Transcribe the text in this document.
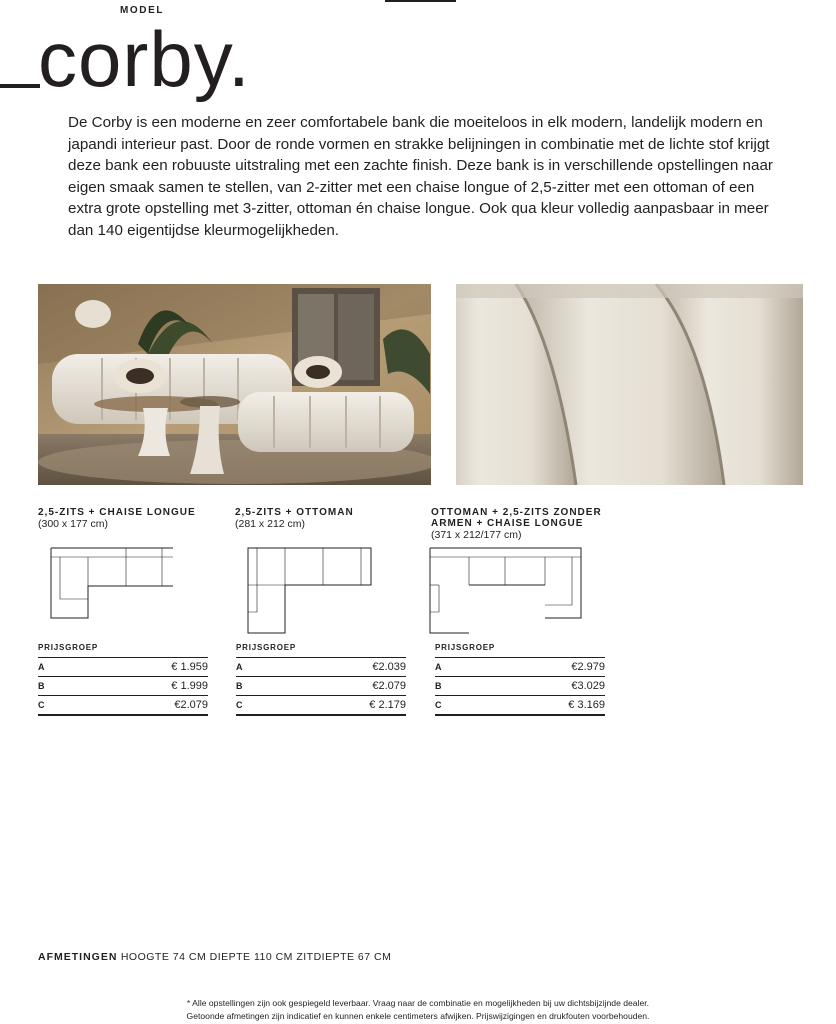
MODEL
corby.

De Corby is een moderne en zeer comfortabele bank die moeiteloos in elk modern, landelijk modern en japandi interieur past. Door de ronde vormen en strakke belijningen in combinatie met de lichte stof krijgt deze bank een robuuste uitstraling met een zachte finish. Deze bank is in verschillende opstellingen naar eigen smaak samen te stellen, van 2-zitter met een chaise longue of 2,5-zitter met een ottoman of een extra grote opstelling met 3-zitter, ottoman én chaise longue. Ook qua kleur volledig aanpasbaar in meer dan 140 eigentijdse kleurmogelijkheden.

2,5-ZITS + CHAISE LONGUE
(300 x 177 cm)
PRIJSGROEP
A	€ 1.959
B	€ 1.999
C	€2.079
2,5-ZITS + OTTOMAN
(281 x 212 cm)
PRIJSGROEP
A	€2.039
B	€2.079
C	€ 2.179
OTTOMAN + 2,5-ZITS ZONDER ARMEN + CHAISE LONGUE
(371 x 212/177 cm)
PRIJSGROEP
A	€2.979
B	€3.029
C	€ 3.169
AFMETINGEN HOOGTE 74 CM DIEPTE 110 CM ZITDIEPTE 67 CM
* Alle opstellingen zijn ook gespiegeld leverbaar. Vraag naar de combinatie en mogelijkheden bij uw dichtsbijzijnde dealer.
Getoonde afmetingen zijn indicatief en kunnen enkele centimeters afwijken. Prijswijzigingen en drukfouten voorbehouden.
